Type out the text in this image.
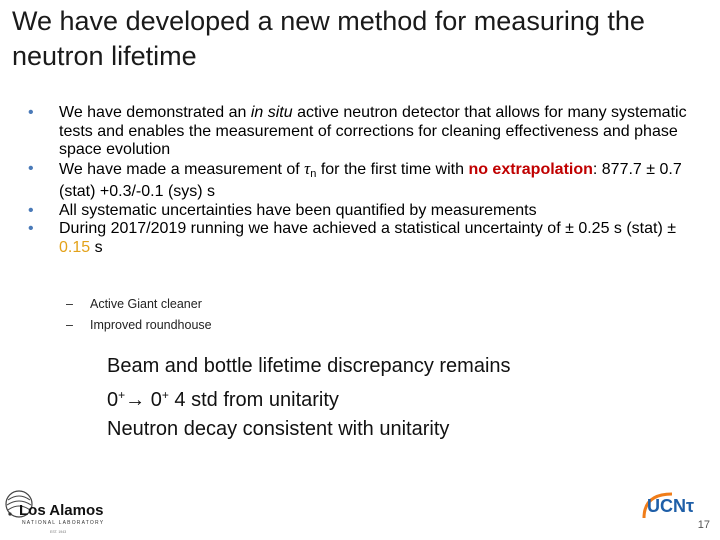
We have developed a new method for measuring the neutron lifetime
• We have demonstrated an in situ active neutron detector that allows for many systematic tests and enables the measurement of corrections for cleaning effectiveness and phase space evolution
• We have made a measurement of $\tau_n$ for the first time with no extrapolation: 877.7 ± 0.7 (stat) +0.3/-0.1 (sys) s
• All systematic uncertainties have been quantified by measurements
• During 2017/2019 running we have achieved a statistical uncertainty of ± 0.25 s (stat) ± 0.15 s
– Active Giant cleaner
– Improved roundhouse
Beam and bottle lifetime discrepancy remains
0+→ 0+ 4 std from unitarity
Neutron decay consistent with unitarity
Los Alamos
NATIONAL LABORATORY
EST. 1943
UCNτ
17
